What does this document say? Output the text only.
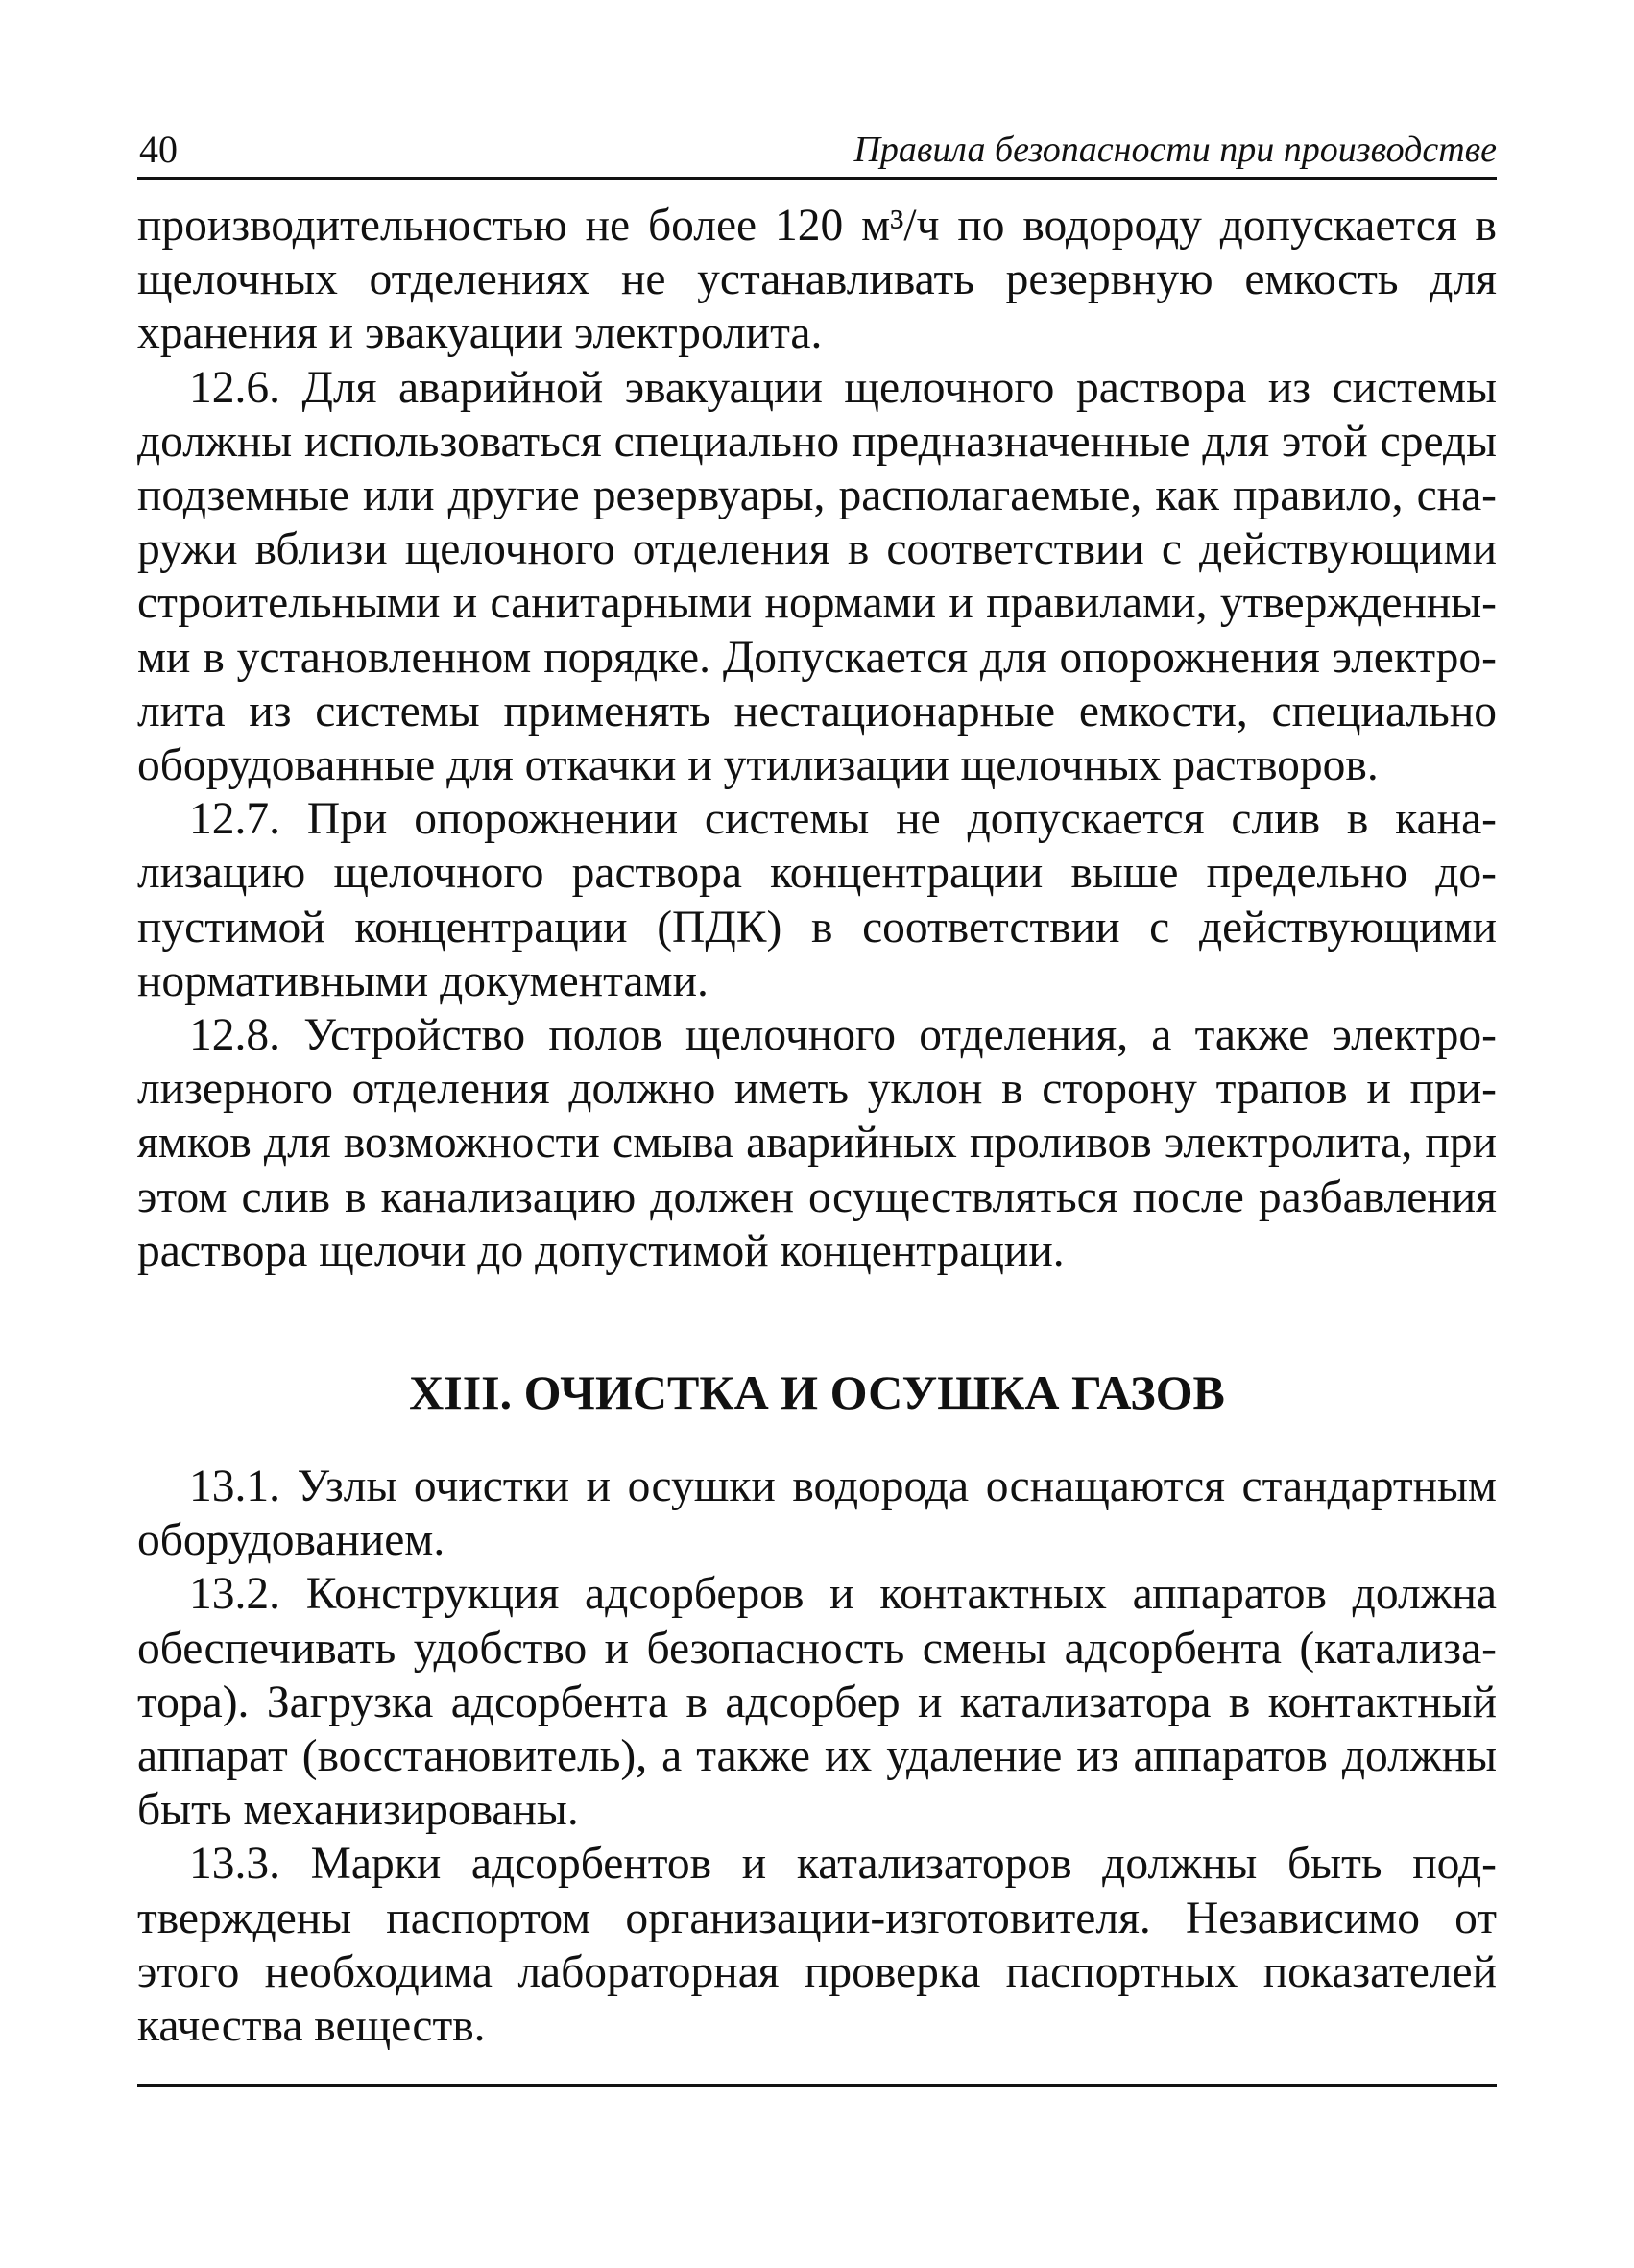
40	Правила безопасности при производстве

производительностью не более 120 м³/ч по водороду допускается в щелочных отделениях не устанавливать резервную емкость для хранения и эвакуации электролита.

12.6. Для аварийной эвакуации щелочного раствора из системы должны использоваться специально предназначенные для этой среды подземные или другие резервуары, располагаемые, как правило, снаружи вблизи щелочного отделения в соответствии с действующими строительными и санитарными нормами и правилами, утвержденными в установленном порядке. Допускается для опорожнения электролита из системы применять нестационарные емкости, специально оборудованные для откачки и утилизации щелочных растворов.

12.7. При опорожнении системы не допускается слив в канализацию щелочного раствора концентрации выше предельно допустимой концентрации (ПДК) в соответствии с действующими нормативными документами.

12.8. Устройство полов щелочного отделения, а также электролизерного отделения должно иметь уклон в сторону трапов и приямков для возможности смыва аварийных проливов электролита, при этом слив в канализацию должен осуществляться после разбавления раствора щелочи до допустимой концентрации.

XIII. ОЧИСТКА И ОСУШКА ГАЗОВ

13.1. Узлы очистки и осушки водорода оснащаются стандартным оборудованием.

13.2. Конструкция адсорберов и контактных аппаратов должна обеспечивать удобство и безопасность смены адсорбента (катализатора). Загрузка адсорбента в адсорбер и катализатора в контактный аппарат (восстановитель), а также их удаление из аппаратов должны быть механизированы.

13.3. Марки адсорбентов и катализаторов должны быть подтверждены паспортом организации-изготовителя. Независимо от этого необходима лабораторная проверка паспортных показателей качества веществ.
